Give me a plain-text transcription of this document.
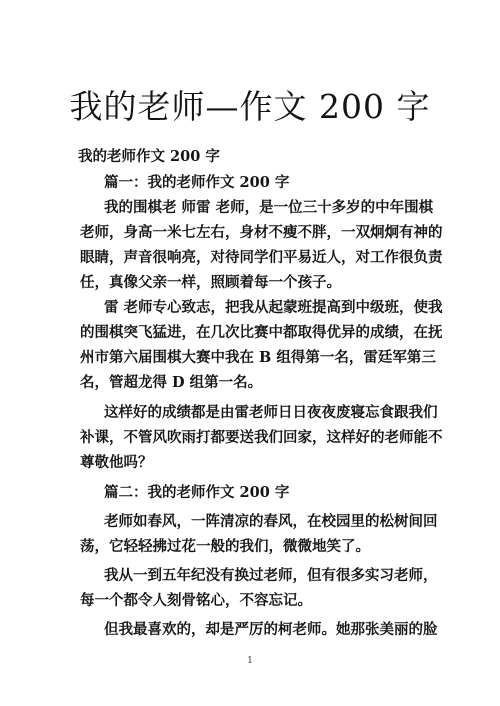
我的老师—作文 200 字
我的老师作文 200 字
篇一：我的老师作文 200 字
我的围棋老 师雷 老师，是一位三十多岁的中年围棋
老师，身高一米七左右，身材不瘦不胖，一双炯炯有神的
眼睛，声音很响亮，对待同学们平易近人，对工作很负责
任，真像父亲一样，照顾着每一个孩子。
雷 老师专心致志，把我从起蒙班提高到中级班，使我
的围棋突飞猛进，在几次比赛中都取得优异的成绩，在抚
州市第六届围棋大赛中我在 B 组得第一名，雷廷军第三
名，管超龙得 D 组第一名。
这样好的成绩都是由雷老师日日夜夜废寝忘食跟我们
补课，不管风吹雨打都要送我们回家，这样好的老师能不
尊敬他吗？
篇二：我的老师作文 200 字
老师如春风，一阵清凉的春风，在校园里的松树间回
荡，它轻轻拂过花一般的我们，微微地笑了。
我从一到五年纪没有换过老师，但有很多实习老师，
每一个都令人刻骨铭心，不容忘记。
但我最喜欢的，却是严厉的柯老师。她那张美丽的脸
1
